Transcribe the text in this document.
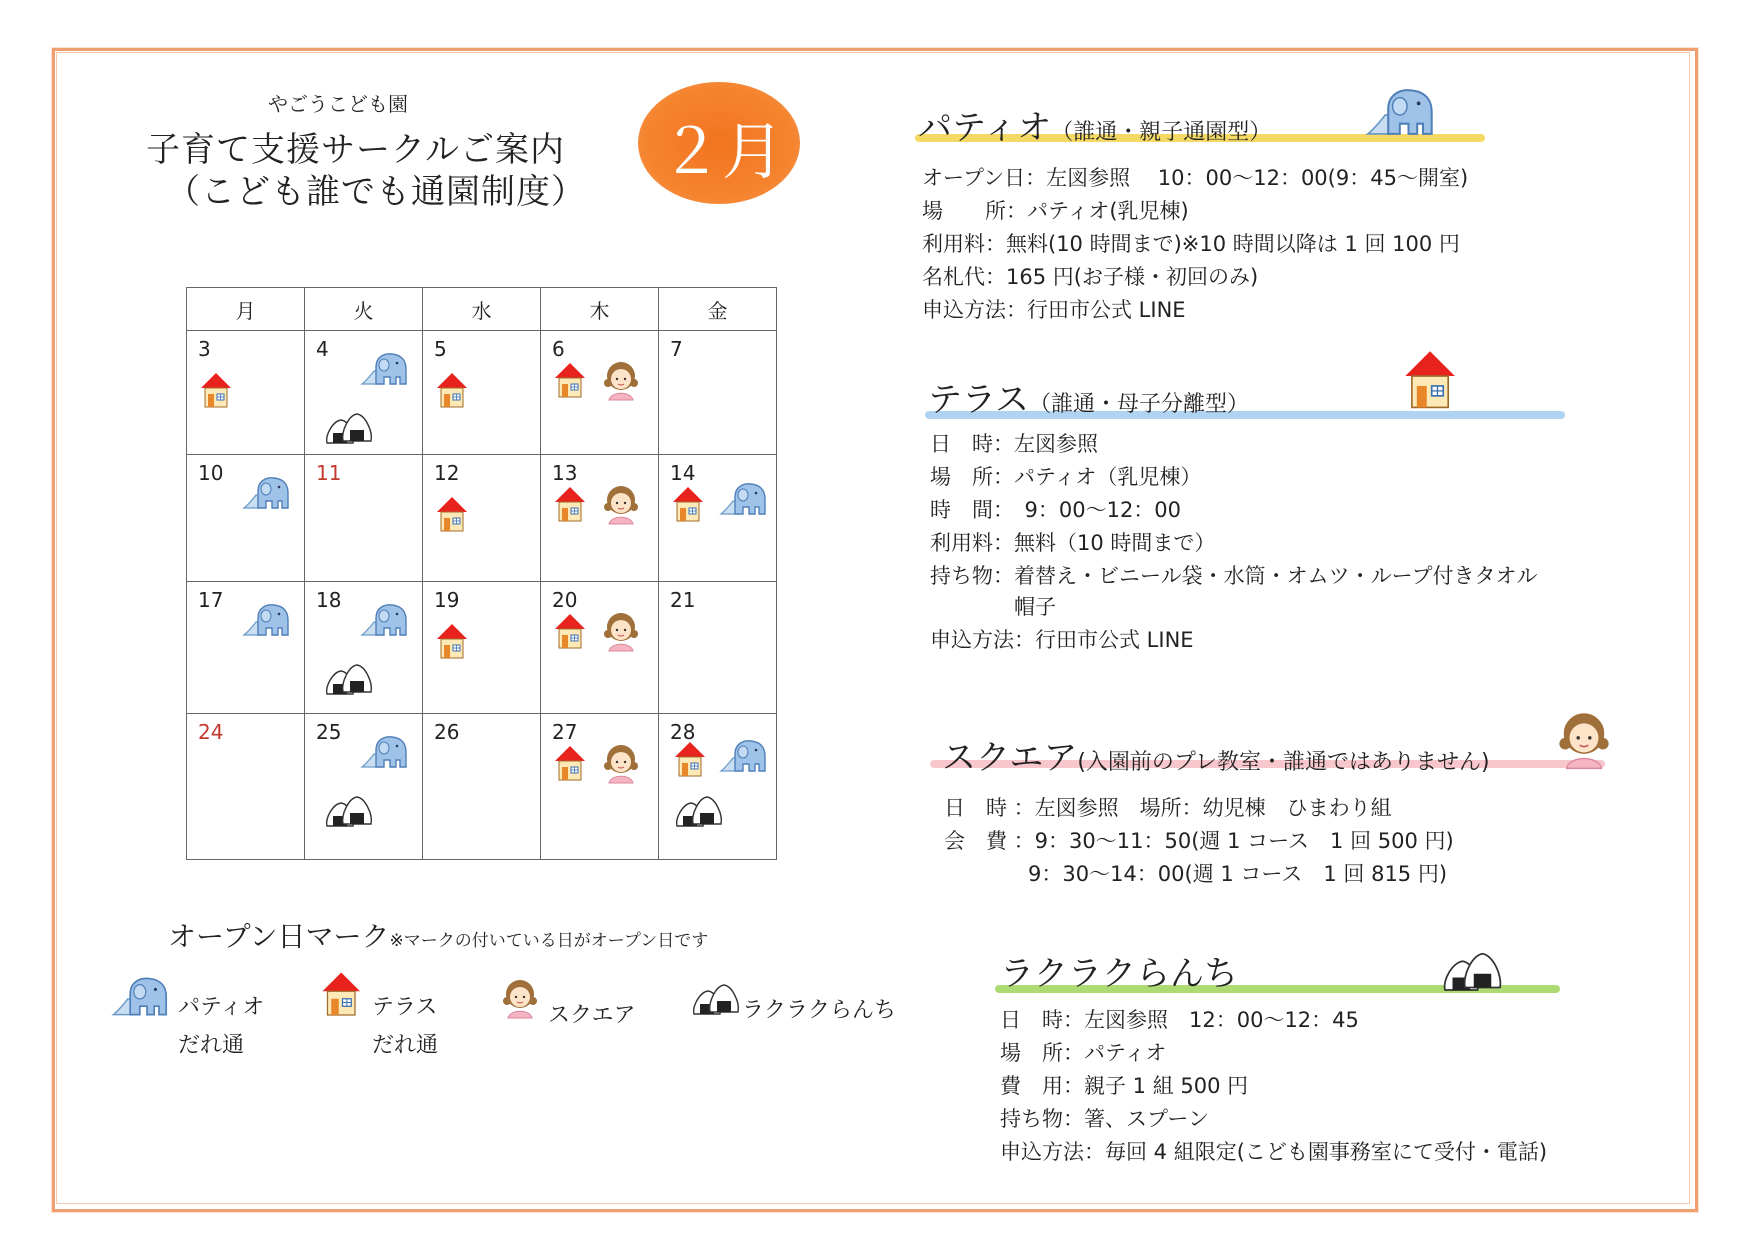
やごうこども園
子育て支援サークルご案内
（こども誰でも通園制度）
２月
月	火	水	木	金

3	4	5	6	7

10	11	12	13	14

17	18	19	20	21

24	25	26	27	28
オープン日マーク※マークの付いている日がオープン日です
パティオ
だれ通
テラス
だれ通
スクエア	ラクラクらんち
パティオ（誰通・親子通園型）
オープン日：左図参照　 10：00～12：00(9：45～開室)
場　　所：パティオ(乳児棟)
利用料：無料(10 時間まで)※10 時間以降は 1 回 100 円
名札代：165 円(お子様・初回のみ)
申込方法：行田市公式 LINE
テラス（誰通・母子分離型）
日　時：左図参照
場　所：パティオ（乳児棟）
時　間：　9：00～12：00
利用料：無料（10 時間まで）
持ち物：着替え・ビニール袋・水筒・オムツ・ループ付きタオル
　　　　帽子
申込方法：行田市公式 LINE
スクエア(入園前のプレ教室・誰通ではありません)
日　時 ：左図参照　場所：幼児棟　ひまわり組
会　費 ：9：30～11：50(週 1 コース　1 回 500 円)
　　　　9：30～14：00(週 1 コース　1 回 815 円)
ラクラクらんち
日　時：左図参照　12：00～12：45
場　所：パティオ
費　用：親子 1 組 500 円
持ち物：箸、スプーン
申込方法：毎回 4 組限定(こども園事務室にて受付・電話)
